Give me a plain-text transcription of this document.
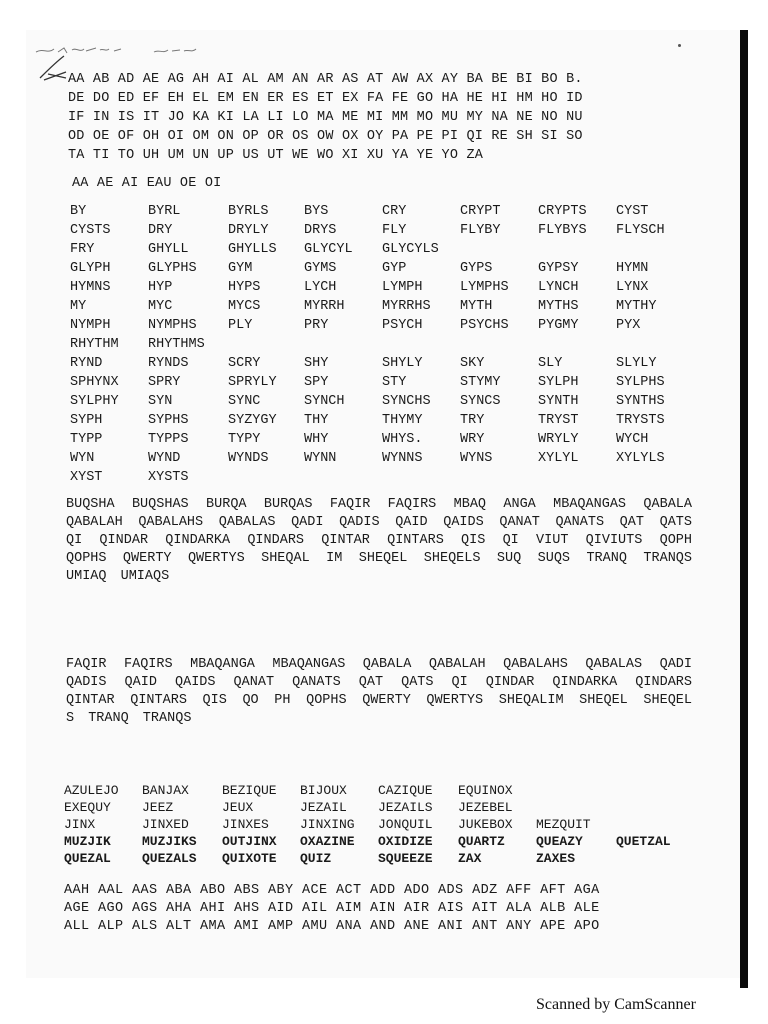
AA AB AD AE AG AH AI AL AM AN AR AS AT AW AX AY BA BE BI BO B.
DE DO ED EF EH EL EM EN ER ES ET EX FA FE GO HA HE HI HM HO ID
IF IN IS IT JO KA KI LA LI LO MA ME MI MM MO MU MY NA NE NO NU
OD OE OF OH OI OM ON OP OR OS OW OX OY PA PE PI QI RE SH SI SO
TA TI TO UH UM UN UP US UT WE WO XI XU YA YE YO ZA
AA AE AI EAU OE OI
BY	BYRL	BYRLS	BYS	CRY	CRYPT	CRYPTS CYST
CYSTS	DRY	DRYLY	DRYS	FLY	FLYBY	FLYBYS FLYSCH
FRY	GHYLL	GHYLLS GLYCYL GLYCYLS
GLYPH	GLYPHS GYM	GYMS	GYP	GYPS	GYPSY	HYMN
HYMNS	HYP	HYPS	LYCH	LYMPH	LYMPHS LYNCH	LYNX
MY	MYC	MYCS	MYRRH	MYRRHS MYTH	MYTHS	MYTHY
NYMPH	NYMPHS PLY	PRY	PSYCH	PSYCHS PYGMY	PYX
RHYTHM RHYTHMS
RYND	RYNDS	SCRY	SHY	SHYLY	SKY	SLY	SLYLY
SPHYNX SPRY	SPRYLY SPY	STY	STYMY	SYLPH	SYLPHS
SYLPHY SYN	SYNC	SYNCH	SYNCHS SYNCS	SYNTH	SYNTHS
SYPH	SYPHS	SYZYGY THY	THYMY	TRY	TRYST	TRYSTS
TYPP	TYPPS	TYPY	WHY	WHYS.	WRY	WRYLY	WYCH
WYN	WYND	WYNDS	WYNN	WYNNS	WYNS	XYLYL	XYLYLS
XYST	XYSTS
BUQSHA BUQSHAS BURQA BURQAS FAQIR FAQIRS MBAQ ANGA MBAQANGAS QABALA QABALAH QABALAHS QABALAS QADI QADIS QAID QAIDS QANAT QANATS QAT QATS QI QINDAR QINDARKA QINDARS QINTAR QINTARS QIS QI VIUT QIVIUTS QOPH QOPHS QWERTY QWERTYS SHEQAL IM SHEQEL SHEQELS SUQ SUQS TRANQ TRANQS UMIAQ UMIAQS
FAQIR FAQIRS MBAQANGA MBAQANGAS QABALA QABALAH QABALAHS QABALAS QADI QADIS QAID QAIDS QANAT QANATS QAT QATS QI QINDAR QINDARKA QINDARS QINTAR QINTARS QIS QO PH QOPHS QWERTY QWERTYS SHEQALIM SHEQEL SHEQEL S TRANQ TRANQS
AZULEJO BANJAX	BEZIQUE BIJOUX CAZIQUE EQUINOX
EXEQUY JEEZ	JEUX	JEZAIL JEZAILS JEZEBEL
JINX	JINXED	JINXES JINXING JONQUIL JUKEBOX MEZQUIT
MUZJIK MUZJIKS OUTJINX OXAZINE OXIDIZE QUARTZ QUEAZY	QUETZAL
QUEZAL QUEZALS QUIXOTE QUIZ	SQUEEZE ZAX	ZAXES
AAH AAL AAS ABA ABO ABS ABY ACE ACT ADD ADO ADS ADZ AFF AFT AGA
AGE AGO AGS AHA AHI AHS AID AIL AIM AIN AIR AIS AIT ALA ALB ALE
ALL ALP ALS ALT AMA AMI AMP AMU ANA AND ANE ANI ANT ANY APE APO
Scanned by CamScanner
